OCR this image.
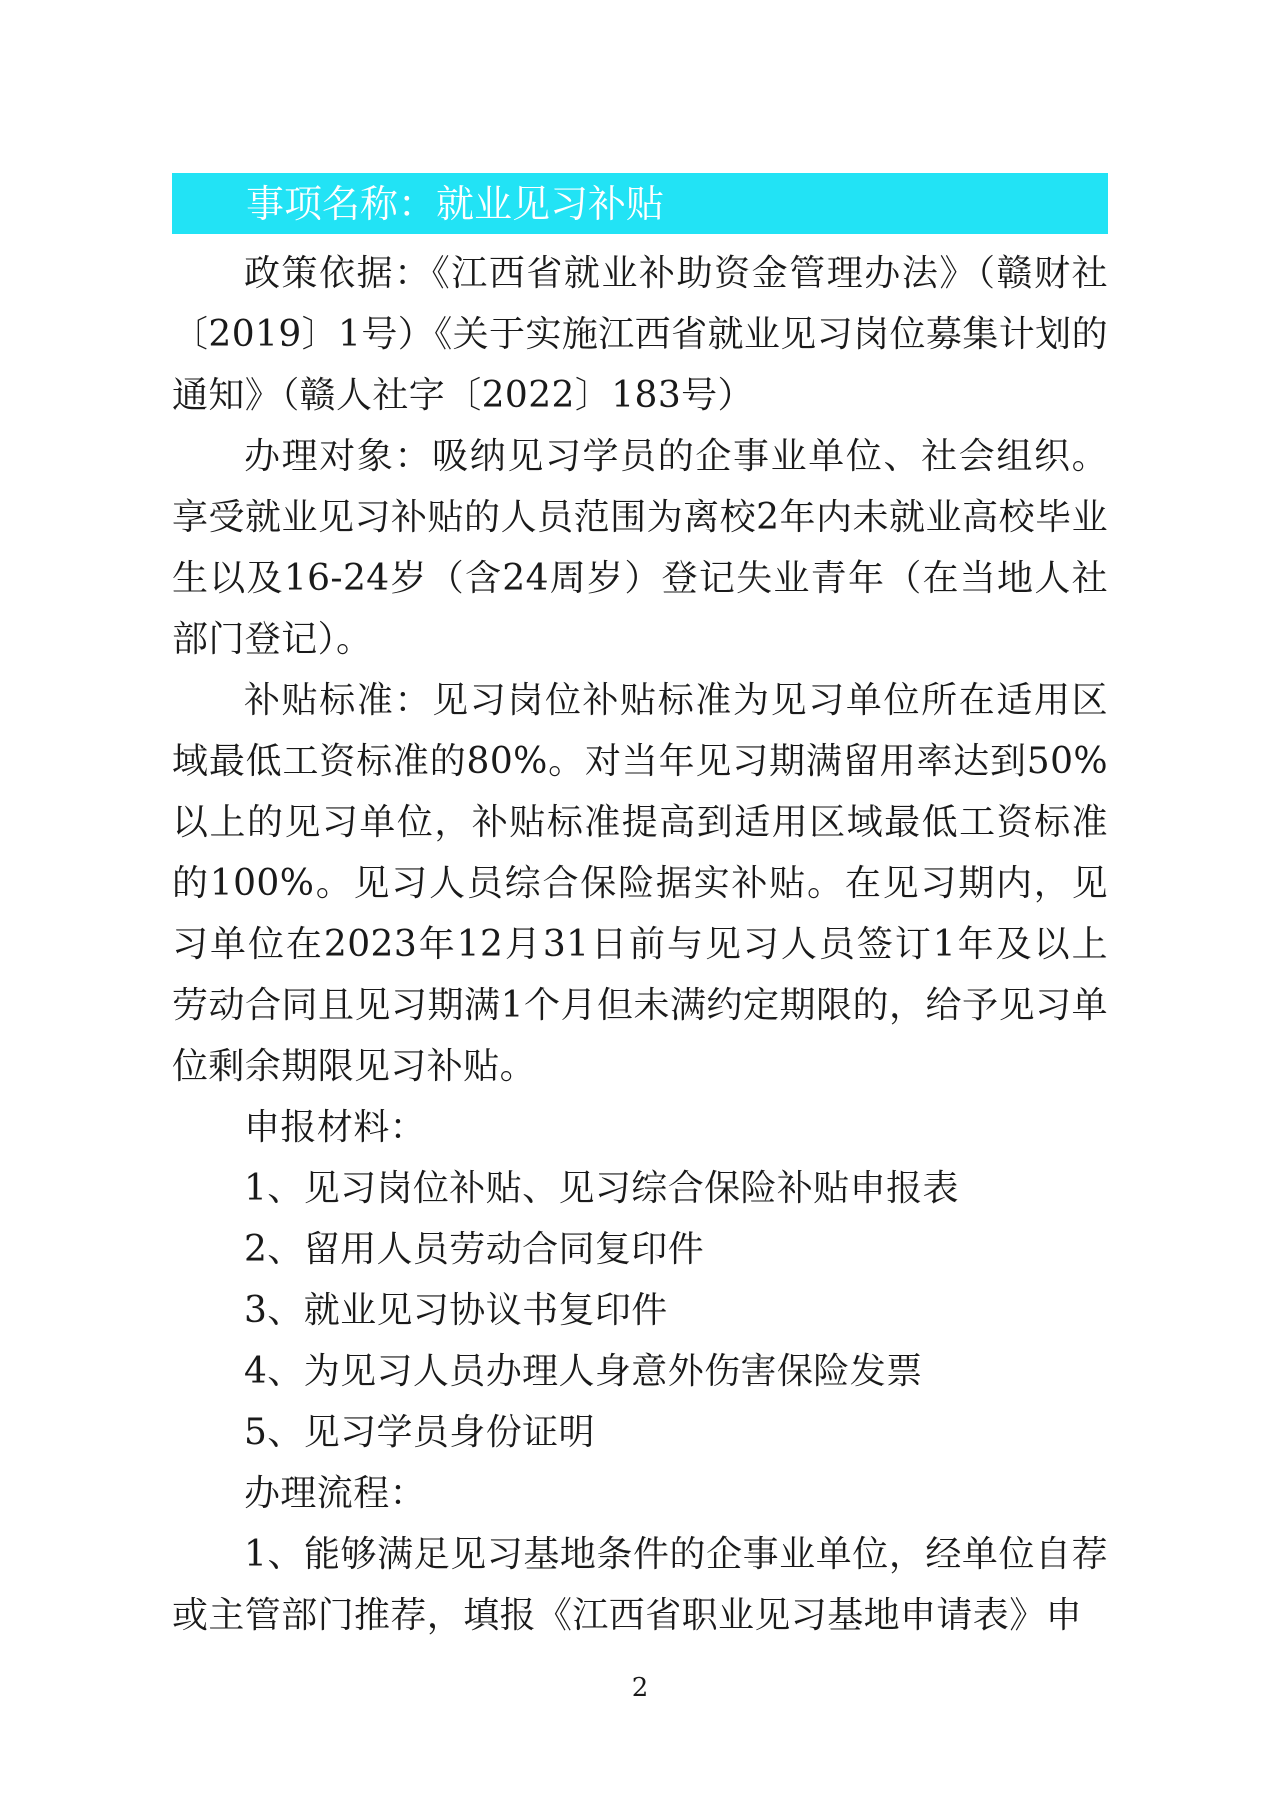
事项名称：就业见习补贴

政策依据：《江西省就业补助资金管理办法》（赣财社〔2019〕1号）《关于实施江西省就业见习岗位募集计划的通知》（赣人社字〔2022〕183号）

办理对象：吸纳见习学员的企事业单位、社会组织。享受就业见习补贴的人员范围为离校2年内未就业高校毕业生以及16-24岁（含24周岁）登记失业青年（在当地人社部门登记）。

补贴标准：见习岗位补贴标准为见习单位所在适用区域最低工资标准的80%。对当年见习期满留用率达到50%以上的见习单位，补贴标准提高到适用区域最低工资标准的100%。见习人员综合保险据实补贴。在见习期内，见习单位在2023年12月31日前与见习人员签订1年及以上劳动合同且见习期满1个月但未满约定期限的，给予见习单位剩余期限见习补贴。

申报材料：

1、见习岗位补贴、见习综合保险补贴申报表

2、留用人员劳动合同复印件

3、就业见习协议书复印件

4、为见习人员办理人身意外伤害保险发票

5、见习学员身份证明

办理流程：

1、能够满足见习基地条件的企事业单位，经单位自荐或主管部门推荐，填报《江西省职业见习基地申请表》申

2
